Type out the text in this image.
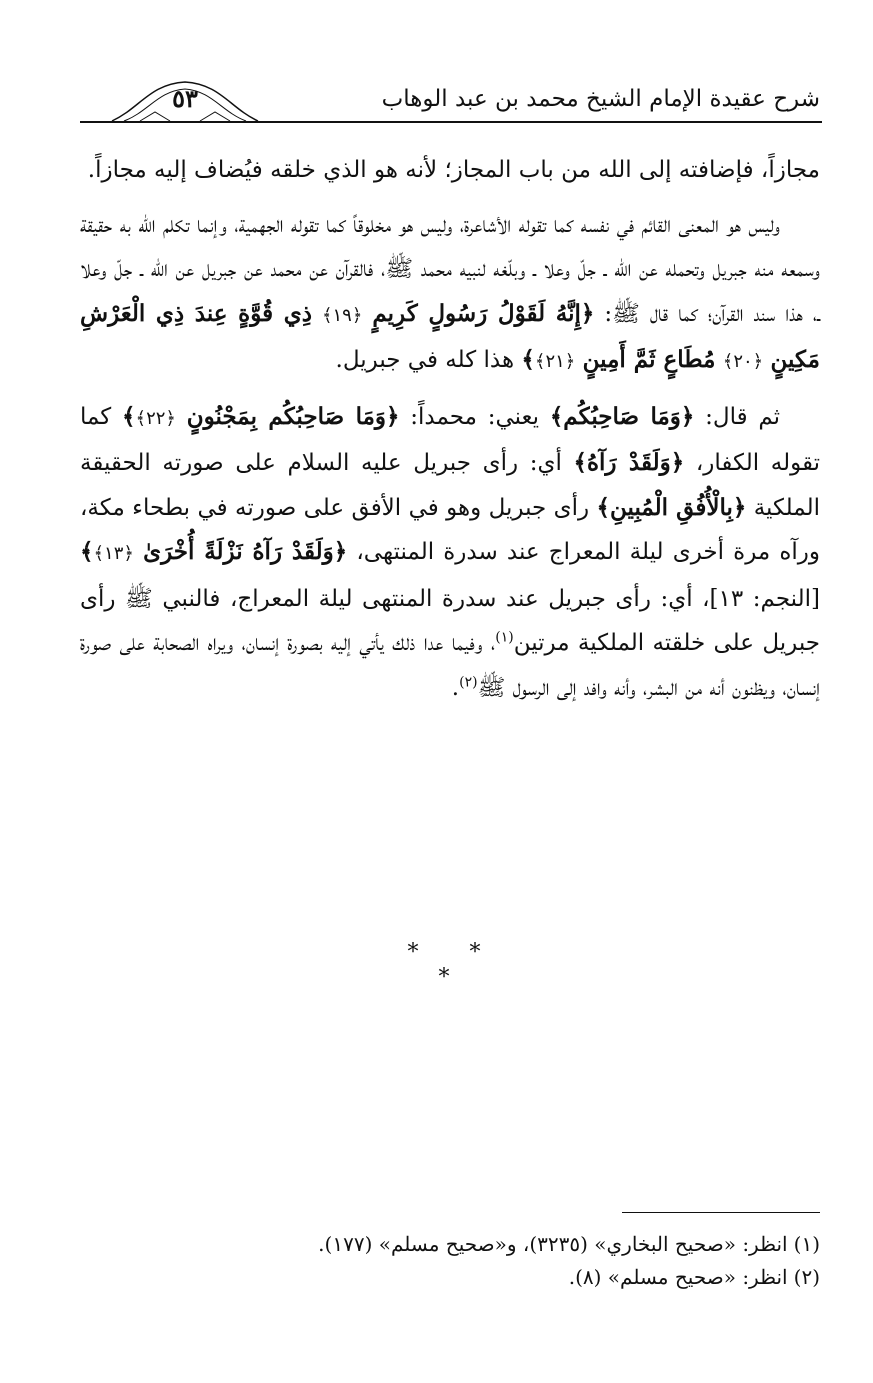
شرح عقيدة الإمام الشيخ محمد بن عبد الوهاب
٥٣

مجازاً، فإضافته إلى الله من باب المجاز؛ لأنه هو الذي خلقه فيُضاف إليه مجازاً.

وليس هو المعنى القائم في نفسه كما تقوله الأشاعرة، وليس هو مخلوقاً كما تقوله الجهمية، وإنما تكلم اللّٰه به حقيقة وسمعه منه جبريل وتحمله عن الله ـ جلّ وعلا ـ وبلّغه لنبيه محمد ﷺ، فالقرآن عن محمد عن جبريل عن الله ـ جلّ وعلا ـ، هذا سند القرآن؛ كما قال ﷺ: ﴿إِنَّهُ لَقَوْلُ رَسُولٍ كَرِيمٍ ﴿١٩﴾ ذِي قُوَّةٍ عِندَ ذِي الْعَرْشِ مَكِينٍ ﴿٢٠﴾ مُطَاعٍ ثَمَّ أَمِينٍ ﴿٢١﴾﴾ هذا كله في جبريل.

ثم قال: ﴿وَمَا صَاحِبُكُم﴾ يعني: محمداً: ﴿وَمَا صَاحِبُكُم بِمَجْنُونٍ ﴿٢٢﴾﴾ كما تقوله الكفار، ﴿وَلَقَدْ رَآهُ﴾ أي: رأى جبريل عليه السلام على صورته الحقيقة الملكية ﴿بِالْأُفُقِ الْمُبِينِ﴾ رأى جبريل وهو في الأفق على صورته في بطحاء مكة، ورآه مرة أخرى ليلة المعراج عند سدرة المنتهى، ﴿وَلَقَدْ رَآهُ نَزْلَةً أُخْرَىٰ ﴿١٣﴾﴾ [النجم: ١٣]، أي: رأى جبريل عند سدرة المنتهى ليلة المعراج، فالنبي ﷺ رأى جبريل على خلقته الملكية مرتين$^{(١)}$، وفيما عدا ذلك يأتي إليه بصورة إنسان، ويراه الصحابة على صورة إنسان، ويظنون أنه من البشر، وأنه وافد إلى الرسول ﷺ$^{(٢)}$.

* * *
(١)انظر: «صحيح البخاري» (٣٢٣٥)، و«صحيح مسلم» (١٧٧).
(٢)انظر: «صحيح مسلم» (٨).
